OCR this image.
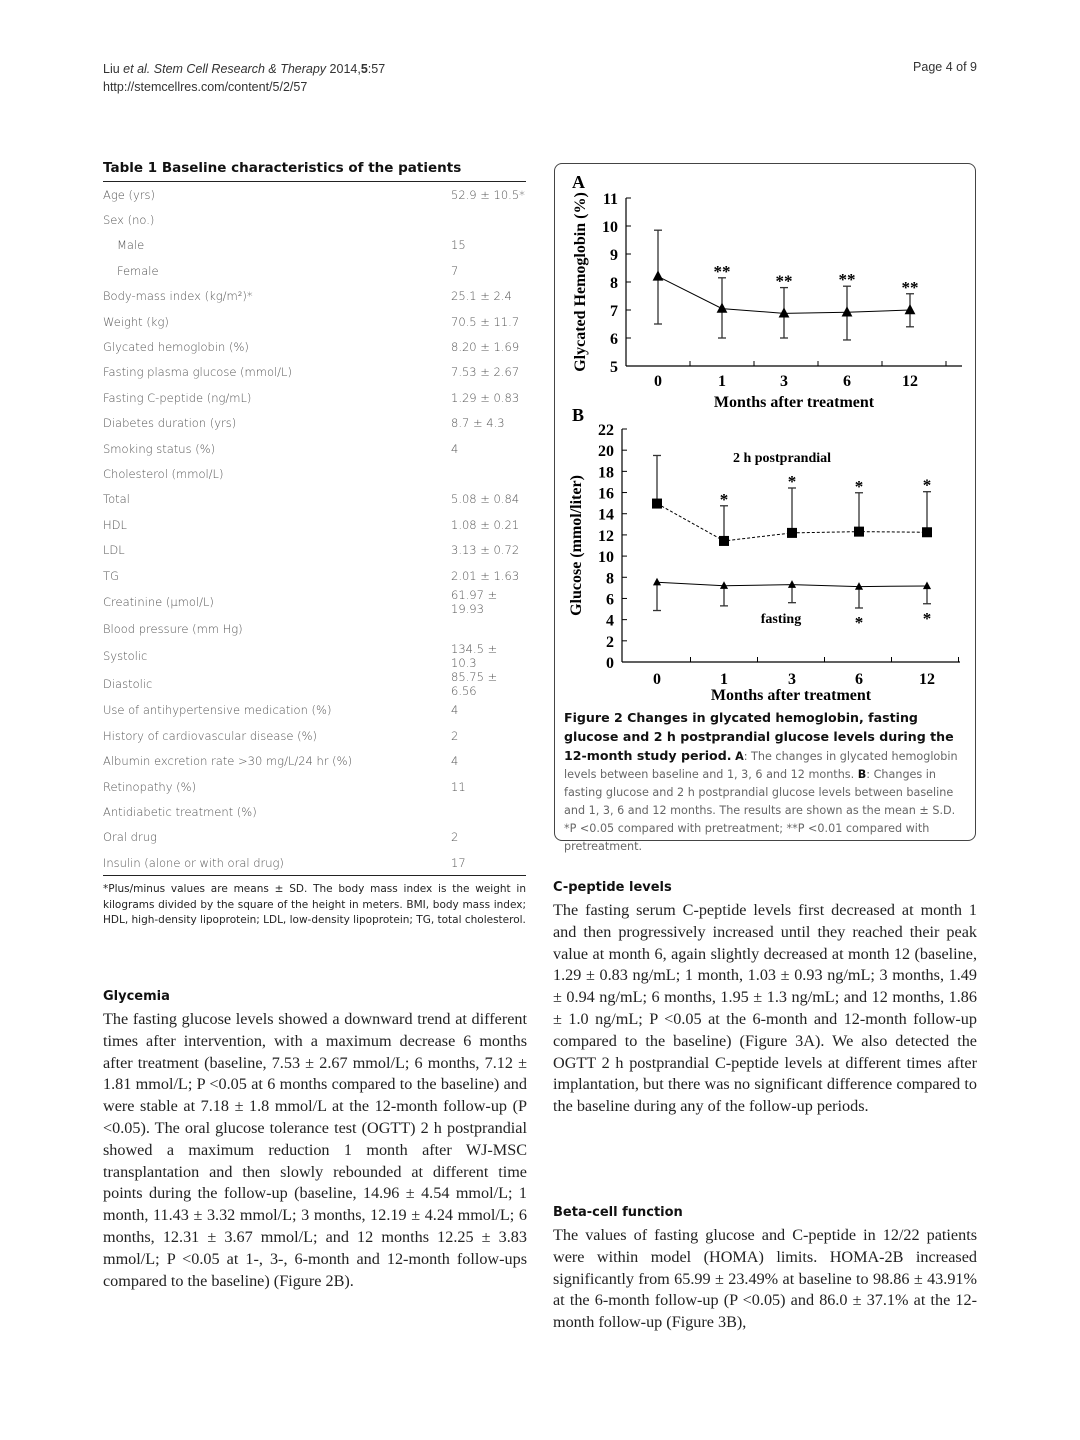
Liu et al. Stem Cell Research & Therapy 2014,5:57
http://stemcellres.com/content/5/2/57
Page 4 of 9
Table 1 Baseline characteristics of the patients
Age (yrs)	52.9 ± 10.5*
Sex (no.)	
Male	15
Female	7
Body-mass index (kg/m²)*	25.1 ± 2.4
Weight (kg)	70.5 ± 11.7
Glycated hemoglobin (%)	8.20 ± 1.69
Fasting plasma glucose (mmol/L)	7.53 ± 2.67
Fasting C-peptide (ng/mL)	1.29 ± 0.83
Diabetes duration (yrs)	8.7 ± 4.3
Smoking status (%)	4
Cholesterol (mmol/L)	
Total	5.08 ± 0.84
HDL	1.08 ± 0.21
LDL	3.13 ± 0.72
TG	2.01 ± 1.63
Creatinine (μmol/L)	61.97 ± 19.93
Blood pressure (mm Hg)	
Systolic	134.5 ± 10.3
Diastolic	85.75 ± 6.56
Use of antihypertensive medication (%)	4
History of cardiovascular disease (%)	2
Albumin excretion rate >30 mg/L/24 hr (%)	4
Retinopathy (%)	11
Antidiabetic treatment (%)	
Oral drug	2
Insulin (alone or with oral drug)	17
*Plus/minus values are means ± SD. The body mass index is the weight in kilograms divided by the square of the height in meters. BMI, body mass index; HDL, high-density lipoprotein; LDL, low-density lipoprotein; TG, total cholesterol.
A
5
6
7
8
9
10
11
0	1	3	6	12
Months after treatment
Glycated Hemoglobin (%)	**
**	**	**
B
0
2
4
6
8
10
12
14
16
18
20
22
0	1	3	6	12
Months after treatment
Glucose (mmol/liter)	*
*	*	*
*	*
2 h postprandial
fasting
Figure 2 Changes in glycated hemoglobin, fasting glucose and 2 h postprandial glucose levels during the 12-month study period. A: The changes in glycated hemoglobin levels between baseline and 1, 3, 6 and 12 months. B: Changes in fasting glucose and 2 h postprandial glucose levels between baseline and 1, 3, 6 and 12 months. The results are shown as the mean ± S.D. *P <0.05 compared with pretreatment; **P <0.01 compared with pretreatment.
Glycemia
The fasting glucose levels showed a downward trend at different times after intervention, with a maximum decrease 6 months after treatment (baseline, 7.53 ± 2.67 mmol/L; 6 months, 7.12 ± 1.81 mmol/L; P <0.05 at 6 months compared to the baseline) and were stable at 7.18 ± 1.8 mmol/L at the 12-month follow-up (P <0.05). The oral glucose tolerance test (OGTT) 2 h postprandial showed a maximum reduction 1 month after WJ-MSC transplantation and then slowly rebounded at different time points during the follow-up (baseline, 14.96 ± 4.54 mmol/L; 1 month, 11.43 ± 3.32 mmol/L; 3 months, 12.19 ± 4.24 mmol/L; 6 months, 12.31 ± 3.67 mmol/L; and 12 months 12.25 ± 3.83 mmol/L; P <0.05 at 1-, 3-, 6-month and 12-month follow-ups compared to the baseline) (Figure 2B).
C-peptide levels
The fasting serum C-peptide levels first decreased at month 1 and then progressively increased until they reached their peak value at month 6, again slightly decreased at month 12 (baseline, 1.29 ± 0.83 ng/mL; 1 month, 1.03 ± 0.93 ng/mL; 3 months, 1.49 ± 0.94 ng/mL; 6 months, 1.95 ± 1.3 ng/mL; and 12 months, 1.86 ± 1.0 ng/mL; P <0.05 at the 6-month and 12-month follow-up compared to the baseline) (Figure 3A). We also detected the OGTT 2 h postprandial C-peptide levels at different times after implantation, but there was no significant difference compared to the baseline during any of the follow-up periods.
Beta-cell function
The values of fasting glucose and C-peptide in 12/22 patients were within model (HOMA) limits. HOMA-2B increased significantly from 65.99 ± 23.49% at baseline to 98.86 ± 43.91% at the 6-month follow-up (P <0.05) and 86.0 ± 37.1% at the 12-month follow-up (Figure 3B),
